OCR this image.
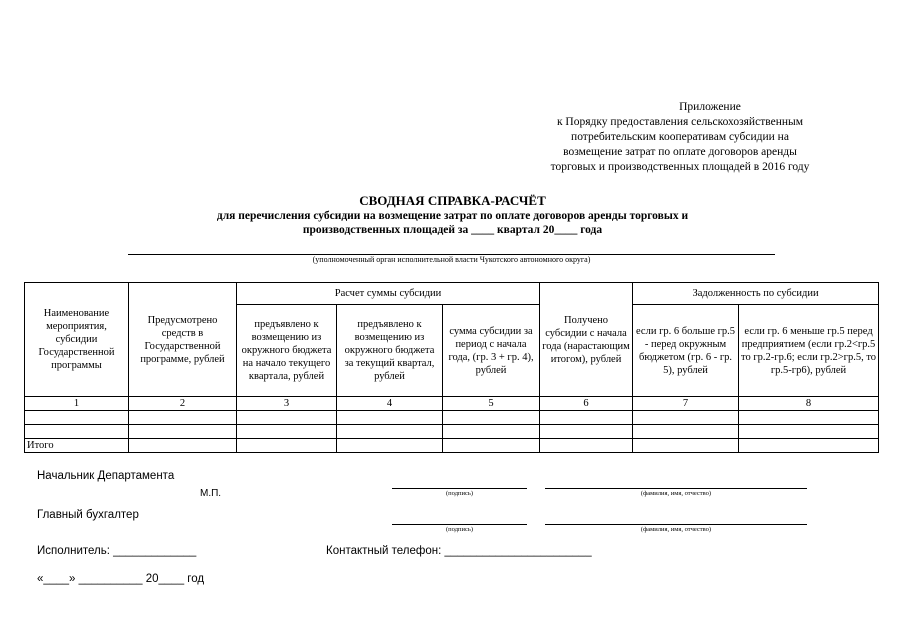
Приложение
к Порядку предоставления сельскохозяйственным
потребительским кооперативам субсидии на
возмещение затрат по оплате договоров аренды
торговых и производственных площадей в 2016 году
СВОДНАЯ СПРАВКА-РАСЧЁТ
для перечисления субсидии на возмещение затрат по оплате договоров аренды торговых и
производственных площадей за ____ квартал 20____ года
(уполномоченный орган исполнительной власти Чукотского автономного округа)
Наименование мероприятия, субсидии Государственной программы	Предусмотрено средств в Государственной программе, рублей	Расчет суммы субсидии			Получено субсидии с начала года (нарастающим итогом), рублей	Задолженность по субсидии	
		предъявлено к возмещению из окружного бюджета на начало текущего квартала, рублей	предъявлено к возмещению из окружного бюджета за текущий квартал, рублей	сумма субсидии за период с начала года, (гр. 3 + гр. 4), рублей		если гр. 6 больше гр.5 - перед окружным бюджетом (гр. 6 - гр. 5), рублей	если гр. 6 меньше гр.5 перед предприятием (если гр.2<гр.5 то гр.2-гр.6; если гр.2>гр.5, то гр.5-гр6), рублей
1	2	3	4	5	6	7	8

Итого							
Начальник Департамента
М.П.	(подпись)	(фамилия, имя, отчество)
Главный бухгалтер
(подпись)	(фамилия, имя, отчество)
Исполнитель: _____________	Контактный телефон: _______________________
«____» __________ 20____ год
